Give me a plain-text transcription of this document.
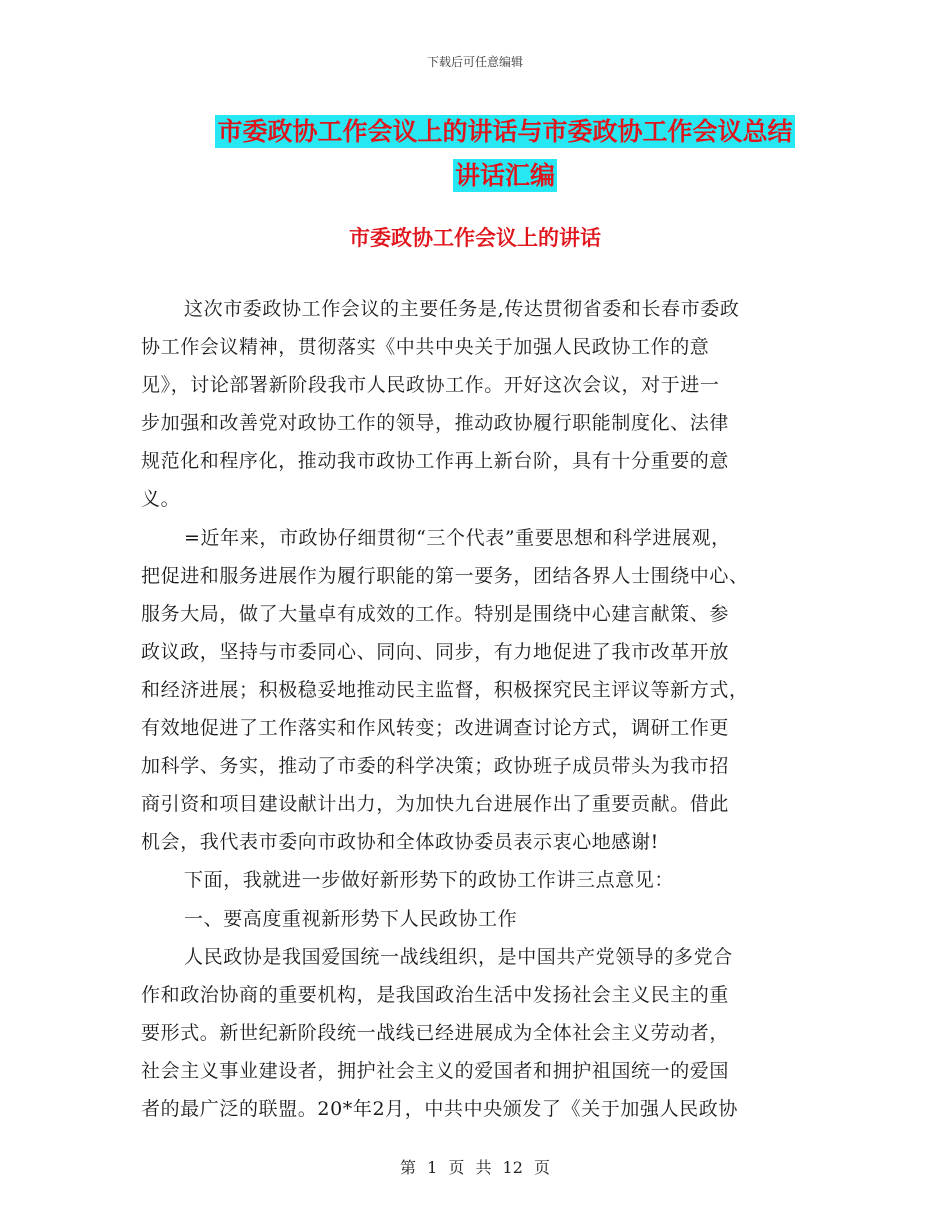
下载后可任意编辑
市委政协工作会议上的讲话与市委政协工作会议总结
讲话汇编
市委政协工作会议上的讲话
这次市委政协工作会议的主要任务是,传达贯彻省委和长春市委政
协工作会议精神，贯彻落实《中共中央关于加强人民政协工作的意
见》，讨论部署新阶段我市人民政协工作。开好这次会议，对于进一
步加强和改善党对政协工作的领导，推动政协履行职能制度化、法律
规范化和程序化，推动我市政协工作再上新台阶，具有十分重要的意
义。
=近年来，市政协仔细贯彻“三个代表”重要思想和科学进展观，
把促进和服务进展作为履行职能的第一要务，团结各界人士围绕中心、
服务大局，做了大量卓有成效的工作。特别是围绕中心建言献策、参
政议政，坚持与市委同心、同向、同步，有力地促进了我市改革开放
和经济进展；积极稳妥地推动民主监督，积极探究民主评议等新方式，
有效地促进了工作落实和作风转变；改进调查讨论方式，调研工作更
加科学、务实，推动了市委的科学决策；政协班子成员带头为我市招
商引资和项目建设献计出力，为加快九台进展作出了重要贡献。借此
机会，我代表市委向市政协和全体政协委员表示衷心地感谢!
下面，我就进一步做好新形势下的政协工作讲三点意见：
一、要高度重视新形势下人民政协工作
人民政协是我国爱国统一战线组织，是中国共产党领导的多党合
作和政治协商的重要机构，是我国政治生活中发扬社会主义民主的重
要形式。新世纪新阶段统一战线已经进展成为全体社会主义劳动者，
社会主义事业建设者，拥护社会主义的爱国者和拥护祖国统一的爱国
者的最广泛的联盟。20*年2月，中共中央颁发了《关于加强人民政协
第 1 页 共 12 页
